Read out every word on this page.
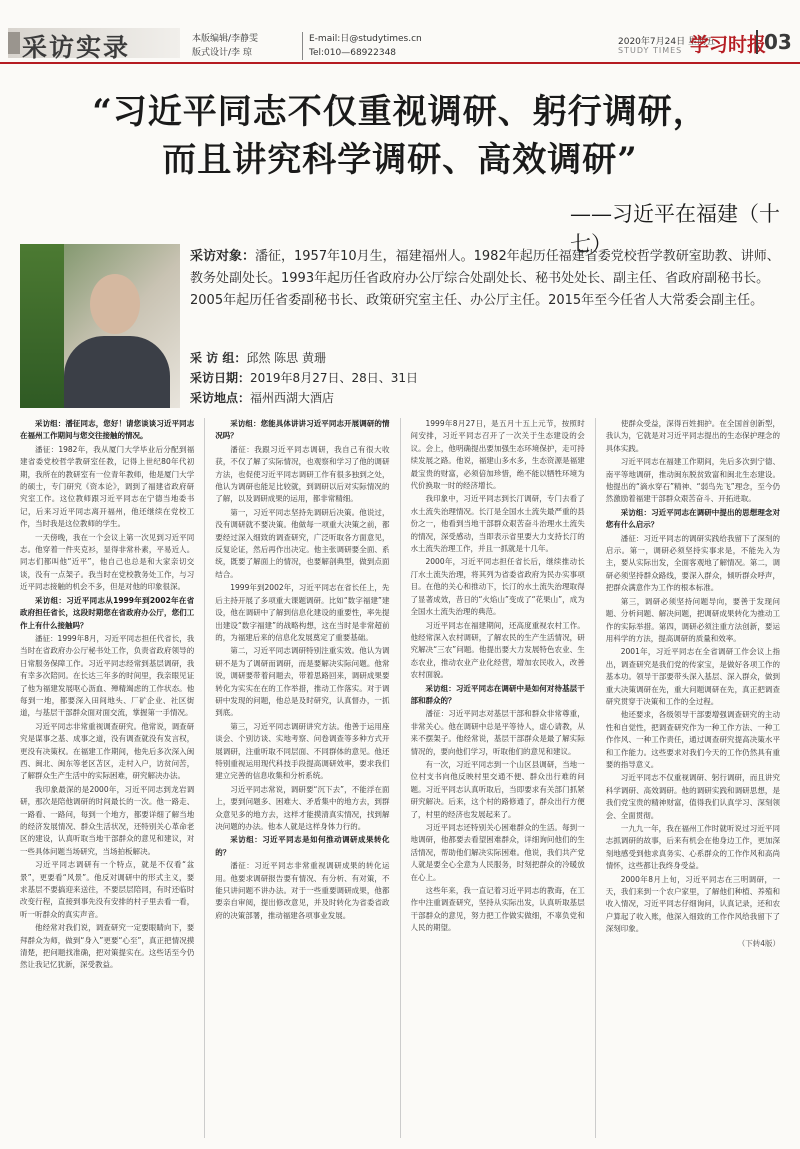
采访实录	本版编辑/李静雯
版式设计/李 琼
E-mail:日@studytimes.cn
Tel:010—68922348
2020年7月24日 星期五
STUDY TIMES 学习时报
03
“习近平同志不仅重视调研、躬行调研，
而且讲究科学调研、高效调研”
——习近平在福建（十七）
采访对象：潘征，1957年10月生，福建福州人。1982年起历任福建省委党校哲学教研室助教、讲师、教务处副处长。1993年起历任省政府办公厅综合处副处长、秘书处处长、副主任、省政府副秘书长。2005年起历任省委副秘书长、政策研究室主任、办公厅主任。2015年至今任省人大常委会副主任。
采 访 组：邱然 陈思 黄珊
采访日期：2019年8月27日、28日、31日
采访地点：福州西湖大酒店

采访组：潘征同志，您好！请您谈谈习近平同志在福州工作期间与您交往接触的情况。

潘征：1982年，我从厦门大学毕业后分配到福建省委党校哲学教研室任教，记得上世纪80年代初期，我所在的教研室有一位青年教师，他是厦门大学的硕士，专门研究《资本论》，调到了福建省政府研究室工作。这位教师跟习近平同志在宁德当地委书记，后来习近平同志离开福州，他还继续在党校工作，当时我是这位教师的学生。

一天傍晚，我在一个会议上第一次见到习近平同志。他穿着一件夹克衫，显得非常朴素，平易近人。同志们都叫他“近平”，他自己也总是和大家亲切交谈，没有一点架子。我当时在党校教务处工作，与习近平同志接触的机会不多，但是对他的印象很深。

采访组：习近平同志从1999年到2002年在省政府担任省长，这段时期您在省政府办公厅，您们工作上有什么接触吗？

潘征：1999年8月，习近平同志担任代省长，我当时在省政府办公厅秘书处工作，负责省政府领导的日常服务保障工作。习近平同志经常到基层调研，我有幸多次陪同。在长达三年多的时间里，我亲眼见证了他为福建发展呕心沥血、殚精竭虑的工作状态。他每到一地，都要深入田间地头、厂矿企业、社区街道，与基层干部群众面对面交流，掌握第一手情况。

习近平同志非常重视调查研究。他常说，调查研究是谋事之基、成事之道，没有调查就没有发言权，更没有决策权。在福建工作期间，他先后多次深入闽西、闽北、闽东等老区苫区，走村入户，访贫问苦，了解群众生产生活中的实际困难，研究解决办法。

我印象最深的是2000年，习近平同志到龙岩调研，那次是陪他调研的时间最长的一次。他一路走、一路看、一路问，每到一个地方，都要详细了解当地的经济发展情况、群众生活状况，还特别关心革命老区的建设，认真听取当地干部群众的意见和建议，对一些具体问题当场研究，当场拍板解决。

习近平同志调研有一个特点，就是不仅看“盆景”，更要看“风景”。他反对调研中的形式主义，要求基层不要搞迎来送往，不要层层陪同，有时还临时改变行程，直接到事先没有安排的村子里去看一看，听一听群众的真实声音。

他经常对我们说，调查研究一定要眼睛向下，要拜群众为师，做到“身入”更要“心至”，真正把情况摸清楚，把问题找准确，把对策提实在。这些话至今仍然让我记忆犹新，深受教益。

采访组：您能具体讲讲习近平同志开展调研的情况吗？

潘征：我跟习近平同志调研，我自己有很大收获，不仅了解了实际情况，也观察和学习了他的调研方法，也促使习近平同志调研工作有很多独到之处，他认为调研也能足比较就，到调研以后对实际情况的了解，以及调研成果的运用，都非常精细。

第一，习近平同志坚持先调研后决策。他说过，没有调研就不要决策。他做每一项重大决策之前，都要经过深入细致的调查研究，广泛听取各方面意见，反复论证，然后再作出决定。他主张调研要全面、系统，既要了解面上的情况，也要解剖典型，做到点面结合。

1999年到2002年，习近平同志在省长任上，先后主持开展了多项重大课题调研。比如“数字福建”建设，他在调研中了解到信息化建设的重要性，率先提出建设“数字福建”的战略构想，这在当时是非常超前的，为福建后来的信息化发展奠定了重要基础。

第二，习近平同志调研特别注重实效。他认为调研不是为了调研而调研，而是要解决实际问题。他常说，调研要带着问题去，带着思路回来，调研成果要转化为实实在在的工作举措，推动工作落实。对于调研中发现的问题，他总是及时研究，认真督办，一抓到底。

第三，习近平同志调研讲究方法。他善于运用座谈会、个别访谈、实地考察、问卷调查等多种方式开展调研，注重听取不同层面、不同群体的意见。他还特别重视运用现代科技手段提高调研效率，要求我们建立完善的信息收集和分析系统。

习近平同志常说，调研要“沉下去”，不能浮在面上，要到问题多、困难大、矛盾集中的地方去，到群众意见多的地方去，这样才能摸清真实情况，找到解决问题的办法。他本人就是这样身体力行的。

采访组：习近平同志是如何推动调研成果转化的？

潘征：习近平同志非常重视调研成果的转化运用。他要求调研报告要有情况、有分析、有对策，不能只讲问题不讲办法。对于一些重要调研成果，他都要亲自审阅，提出修改意见，并及时转化为省委省政府的决策部署，推动福建各项事业发展。

1999年8月27日，是五月十五上元节，按照时间安排，习近平同志召开了一次关于生态建设的会议。会上，他明确提出要加强生态环境保护，走可持续发展之路。他说，福建山多水多，生态资源是福建最宝贵的财富，必须倍加珍惜，绝不能以牺牲环境为代价换取一时的经济增长。

我印象中，习近平同志到长汀调研，专门去看了水土流失治理情况。长汀是全国水土流失最严重的县份之一，他看到当地干部群众艰苦奋斗治理水土流失的情况，深受感动，当即表示省里要大力支持长汀的水土流失治理工作，并且一抓就是十几年。

2000年，习近平同志担任省长后，继续推动长汀水土流失治理，将其列为省委省政府为民办实事项目。在他的关心和推动下，长汀的水土流失治理取得了显著成效，昔日的“火焰山”变成了“花果山”，成为全国水土流失治理的典范。

习近平同志在福建期间，还高度重视农村工作。他经常深入农村调研，了解农民的生产生活情况，研究解决“三农”问题。他提出要大力发展特色农业、生态农业，推动农业产业化经营，增加农民收入，改善农村面貌。

采访组：习近平同志在调研中是如何对待基层干部和群众的？

潘征：习近平同志对基层干部和群众非常尊重，非常关心。他在调研中总是平等待人，虚心请教，从来不摆架子。他经常说，基层干部群众是最了解实际情况的，要向他们学习，听取他们的意见和建议。

有一次，习近平同志到一个山区县调研，当地一位村支书向他反映村里交通不便、群众出行难的问题。习近平同志认真听取后，当即要求有关部门抓紧研究解决。后来，这个村的路修通了，群众出行方便了，村里的经济也发展起来了。

习近平同志还特别关心困难群众的生活。每到一地调研，他都要去看望困难群众，详细询问他们的生活情况，帮助他们解决实际困难。他说，我们共产党人就是要全心全意为人民服务，时刻把群众的冷暖放在心上。

这些年来，我一直记着习近平同志的教诲，在工作中注重调查研究，坚持从实际出发，认真听取基层干部群众的意见，努力把工作做实做细，不辜负党和人民的期望。

使群众受益，深得百姓拥护。在全国首创新型，我认为，它就是对习近平同志提出的生态保护理念的具体实践。

习近平同志在福建工作期间，先后多次到宁德、南平等地调研，推动闽东脱贫致富和闽北生态建设。他提出的“滴水穿石”精神、“弱鸟先飞”理念，至今仍然激励着福建干部群众艰苦奋斗、开拓进取。

采访组：习近平同志在调研中提出的思想理念对您有什么启示？

潘征：习近平同志的调研实践给我留下了深刻的启示。第一，调研必须坚持实事求是，不能先入为主，要从实际出发，全面客观地了解情况。第二，调研必须坚持群众路线，要深入群众，倾听群众呼声，把群众满意作为工作的根本标准。

第三，调研必须坚持问题导向，要善于发现问题、分析问题、解决问题，把调研成果转化为推动工作的实际举措。第四，调研必须注重方法创新，要运用科学的方法，提高调研的质量和效率。

2001年，习近平同志在全省调研工作会议上指出，调查研究是我们党的传家宝，是做好各项工作的基本功。领导干部要带头深入基层、深入群众，做到重大决策调研在先，重大问题调研在先，真正把调查研究贯穿于决策和工作的全过程。

他还要求，各级领导干部要增强调查研究的主动性和自觉性，把调查研究作为一种工作方法、一种工作作风、一种工作责任，通过调查研究提高决策水平和工作能力。这些要求对我们今天的工作仍然具有重要的指导意义。

习近平同志不仅重视调研、躬行调研，而且讲究科学调研、高效调研。他的调研实践和调研思想，是我们党宝贵的精神财富，值得我们认真学习、深刻领会、全面贯彻。

一九九一年，我在福州工作时就听说过习近平同志抓调研的故事，后来有机会在他身边工作，更加深刻地感受到他求真务实、心系群众的工作作风和高尚情怀，这些都让我终身受益。

2000年8月上旬，习近平同志在三明调研，一天，我们来到一个农户家里，了解他们种植、养殖和收入情况，习近平同志仔细询问，认真记录，还和农户算起了收入账，他深入细致的工作作风给我留下了深刻印象。

（下转4版）
